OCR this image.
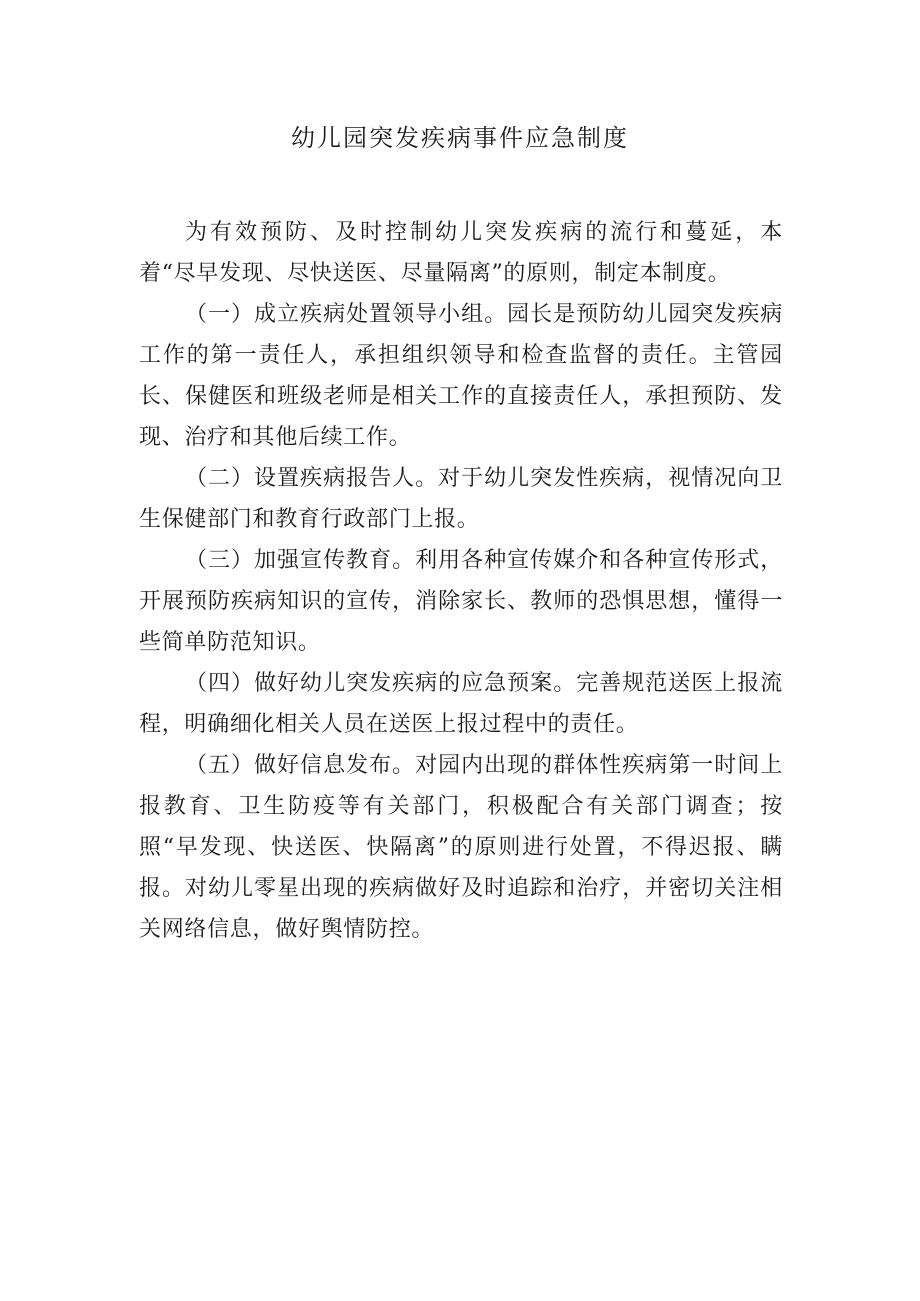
幼儿园突发疾病事件应急制度

为有效预防、及时控制幼儿突发疾病的流行和蔓延，本着“尽早发现、尽快送医、尽量隔离”的原则，制定本制度。

（一）成立疾病处置领导小组。园长是预防幼儿园突发疾病工作的第一责任人，承担组织领导和检查监督的责任。主管园长、保健医和班级老师是相关工作的直接责任人，承担预防、发现、治疗和其他后续工作。

（二）设置疾病报告人。对于幼儿突发性疾病，视情况向卫生保健部门和教育行政部门上报。

（三）加强宣传教育。利用各种宣传媒介和各种宣传形式，开展预防疾病知识的宣传，消除家长、教师的恐惧思想，懂得一些简单防范知识。

（四）做好幼儿突发疾病的应急预案。完善规范送医上报流程，明确细化相关人员在送医上报过程中的责任。

（五）做好信息发布。对园内出现的群体性疾病第一时间上报教育、卫生防疫等有关部门，积极配合有关部门调查；按照“早发现、快送医、快隔离”的原则进行处置，不得迟报、瞒报。对幼儿零星出现的疾病做好及时追踪和治疗，并密切关注相关网络信息，做好舆情防控。
